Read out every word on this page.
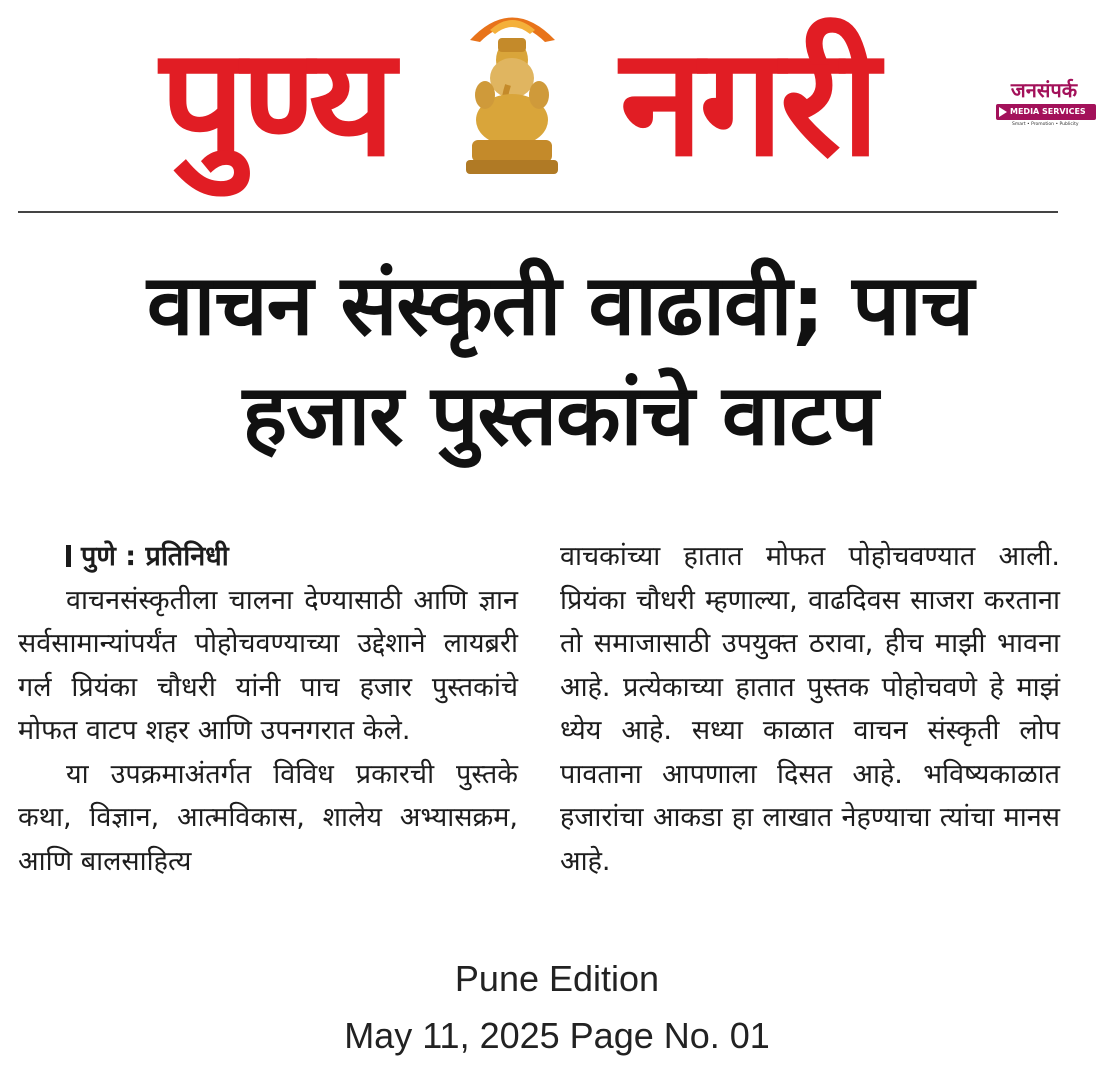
पुण्य नगरी	जनसंपर्क
MEDIA SERVICES
Smart • Promotion • Publicity
वाचन संस्कृती वाढावी; पाच
हजार पुस्तकांचे वाटप
पुणे : प्रतिनिधी
वाचनसंस्कृतीला चालना देण्यासाठी आणि ज्ञान सर्वसामान्यांपर्यंत पोहोचवण्याच्या उद्देशाने लायब्ररी गर्ल प्रियंका चौधरी यांनी पाच हजार पुस्तकांचे मोफत वाटप शहर आणि उपनगरात केले.
या उपक्रमाअंतर्गत विविध प्रकारची पुस्तके कथा, विज्ञान, आत्मविकास, शालेय अभ्यासक्रम, आणि बालसाहित्य
वाचकांच्या हातात मोफत पोहोचवण्यात आली. प्रियंका चौधरी म्हणाल्या, वाढदिवस साजरा करताना तो समाजासाठी उपयुक्त ठरावा, हीच माझी भावना आहे. प्रत्येकाच्या हातात पुस्तक पोहोचवणे हे माझं ध्येय आहे. सध्या काळात वाचन संस्कृती लोप पावताना आपणाला दिसत आहे. भविष्यकाळात हजारांचा आकडा हा लाखात नेहण्याचा त्यांचा मानस आहे.
Pune Edition
May 11, 2025 Page No. 01
